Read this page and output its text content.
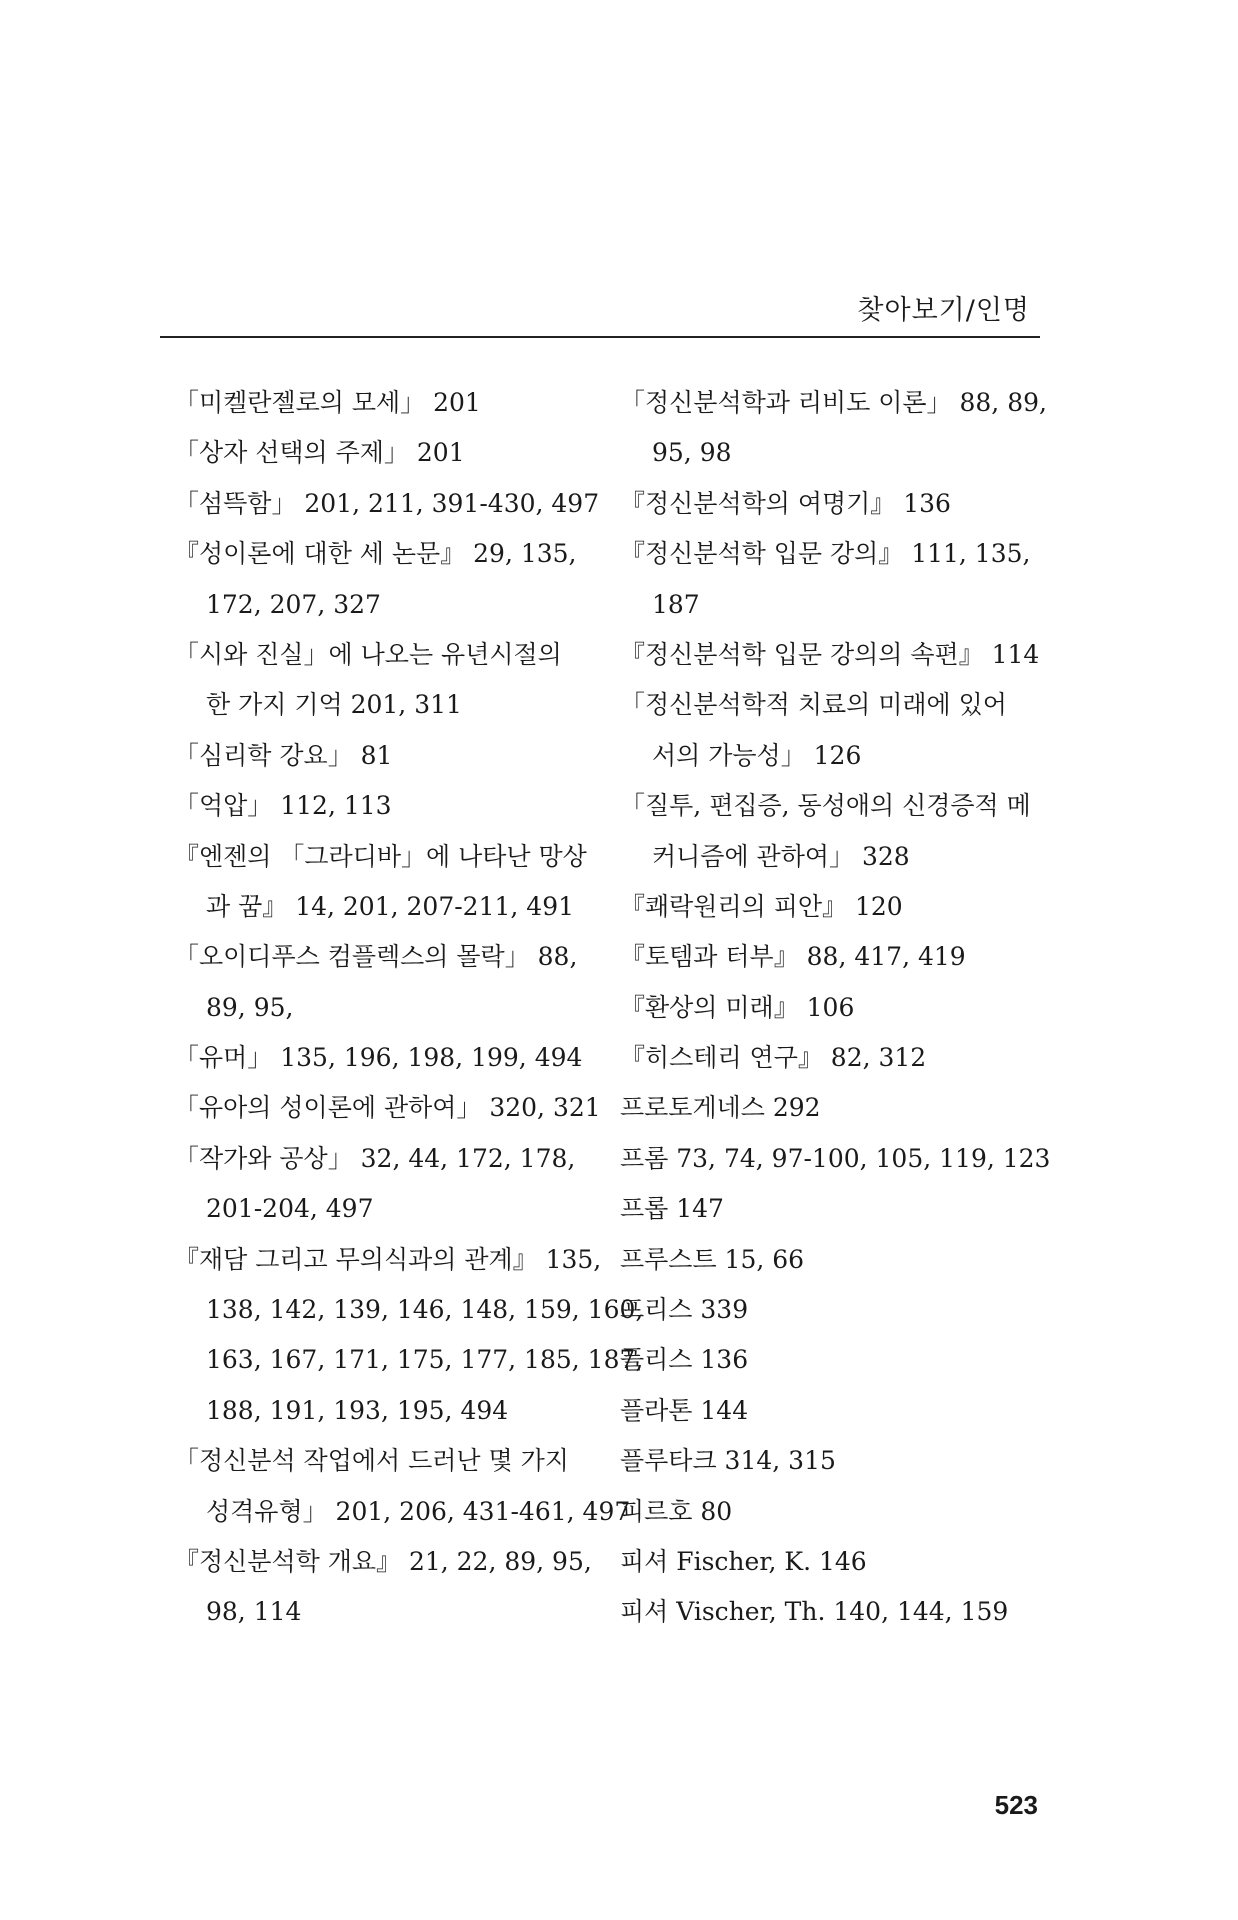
찾아보기/인명
「미켈란젤로의 모세」 201
「상자 선택의 주제」 201
「섬뜩함」 201, 211, 391-430, 497
『성이론에 대한 세 논문』 29, 135,
172, 207, 327
「시와 진실」에 나오는 유년시절의
한 가지 기억 201, 311
「심리학 강요」 81
「억압」 112, 113
『엔젠의 「그라디바」에 나타난 망상
과 꿈』 14, 201, 207-211, 491
「오이디푸스 컴플렉스의 몰락」 88,
89, 95,
「유머」 135, 196, 198, 199, 494
「유아의 성이론에 관하여」 320, 321
「작가와 공상」 32, 44, 172, 178,
201-204, 497
『재담 그리고 무의식과의 관계』 135,
138, 142, 139, 146, 148, 159, 160,
163, 167, 171, 175, 177, 185, 187,
188, 191, 193, 195, 494
「정신분석 작업에서 드러난 몇 가지
성격유형」 201, 206, 431-461, 497
『정신분석학 개요』 21, 22, 89, 95,
98, 114
「정신분석학과 리비도 이론」 88, 89,
95, 98
『정신분석학의 여명기』 136
『정신분석학 입문 강의』 111, 135,
187
『정신분석학 입문 강의의 속편』 114
「정신분석학적 치료의 미래에 있어
서의 가능성」 126
「질투, 편집증, 동성애의 신경증적 메
커니즘에 관하여」 328
『쾌락원리의 피안』 120
『토템과 터부』 88, 417, 419
『환상의 미래』 106
『히스테리 연구』 82, 312
프로토게네스 292
프롬 73, 74, 97-100, 105, 119, 123
프롭 147
프루스트 15, 66
프리스 339
플리스 136
플라톤 144
플루타크 314, 315
피르호 80
피셔 Fischer, K. 146
피셔 Vischer, Th. 140, 144, 159
523
